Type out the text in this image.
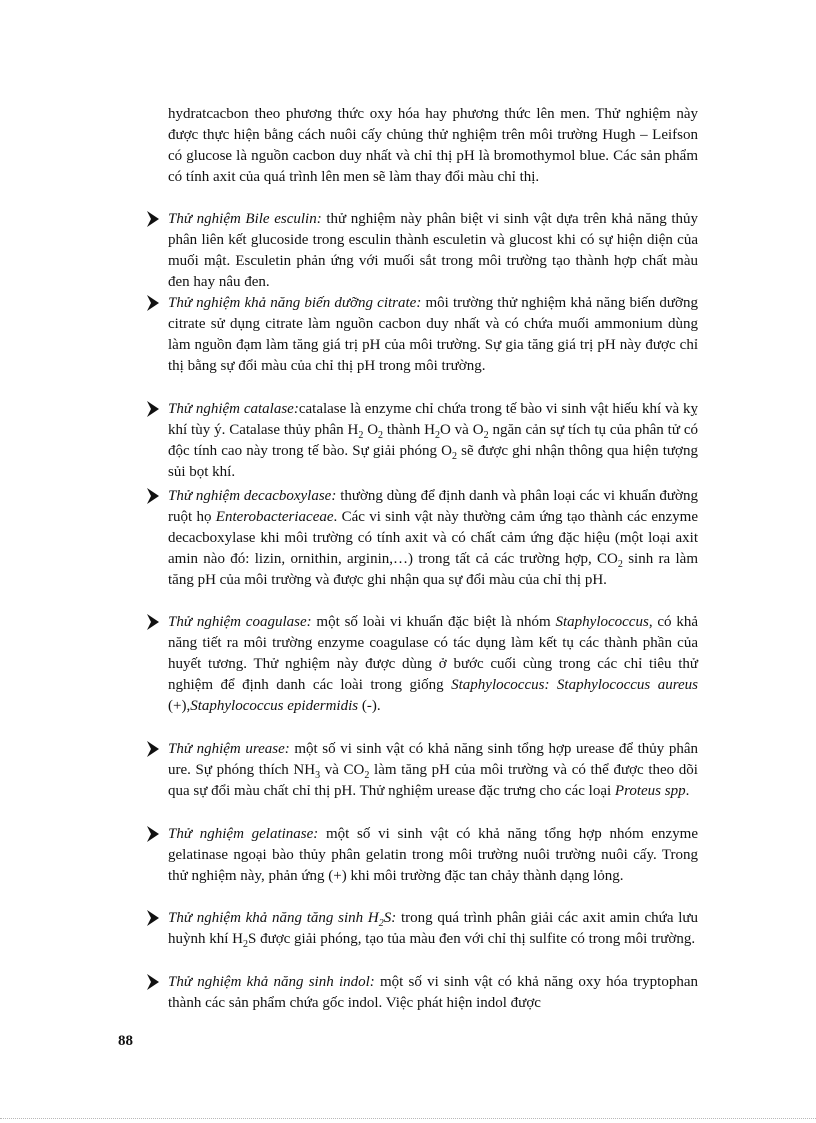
hydratcacbon theo phương thức oxy hóa hay phương thức lên men. Thử nghiệm này được thực hiện bằng cách nuôi cấy chủng thử nghiệm trên môi trường Hugh – Leifson có glucose là nguồn cacbon duy nhất và chỉ thị pH là bromothymol blue. Các sản phẩm có tính axit của quá trình lên men sẽ làm thay đổi màu chỉ thị.

Thử nghiệm Bile esculin: thử nghiệm này phân biệt vi sinh vật dựa trên khả năng thủy phân liên kết glucoside trong esculin thành esculetin và glucost khi có sự hiện diện của muối mật. Esculetin phản ứng với muối sắt trong môi trường tạo thành hợp chất màu đen hay nâu đen.

Thử nghiệm khả năng biến dưỡng citrate: môi trường thử nghiệm khả năng biến dưỡng citrate sử dụng citrate làm nguồn cacbon duy nhất và có chứa muối ammonium dùng làm nguồn đạm làm tăng giá trị pH của môi trường. Sự gia tăng giá trị pH này được chỉ thị bằng sự đổi màu của chỉ thị pH trong môi trường.

Thử nghiệm catalase:catalase là enzyme chỉ chứa trong tế bào vi sinh vật hiếu khí và kỵ khí tùy ý. Catalase thủy phân $H_2$ $O_2$ thành $H_2O$ và $O_2$ ngăn cản sự tích tụ của phân tử có độc tính cao này trong tế bào. Sự giải phóng $O_2$ sẽ được ghi nhận thông qua hiện tượng sủi bọt khí.

Thử nghiệm decacboxylase: thường dùng để định danh và phân loại các vi khuẩn đường ruột họ Enterobacteriaceae. Các vi sinh vật này thường cảm ứng tạo thành các enzyme decacboxylase khi môi trường có tính axit và có chất cảm ứng đặc hiệu (một loại axit amin nào đó: lizin, ornithin, arginin,…) trong tất cả các trường hợp, $CO_2$ sinh ra làm tăng pH của môi trường và được ghi nhận qua sự đổi màu của chỉ thị pH.

Thử nghiệm coagulase: một số loài vi khuẩn đặc biệt là nhóm Staphylococcus, có khả năng tiết ra môi trường enzyme coagulase có tác dụng làm kết tụ các thành phần của huyết tương. Thử nghiệm này được dùng ở bước cuối cùng trong các chỉ tiêu thử nghiệm để định danh các loài trong giống Staphylococcus: Staphylococcus aureus (+),Staphylococcus epidermidis (-).

Thử nghiệm urease: một số vi sinh vật có khả năng sinh tổng hợp urease để thủy phân ure. Sự phóng thích $NH_3$ và $CO_2$ làm tăng pH của môi trường và có thể được theo dõi qua sự đổi màu chất chỉ thị pH. Thử nghiệm urease đặc trưng cho các loại Proteus spp.

Thử nghiệm gelatinase: một số vi sinh vật có khả năng tổng hợp nhóm enzyme gelatinase ngoại bào thủy phân gelatin trong môi trường nuôi trường nuôi cấy. Trong thử nghiệm này, phản ứng (+) khi môi trường đặc tan chảy thành dạng lỏng.

Thử nghiệm khả năng tăng $\sinh H_2S$: trong quá trình phân giải các axit amin chứa lưu huỳnh khí $H_2S$ được giải phóng, tạo tủa màu đen với chỉ thị sulfite có trong môi trường.

Thử nghiệm khả năng sinh indol: một số vi sinh vật có khả năng oxy hóa tryptophan thành các sản phẩm chứa gốc indol. Việc phát hiện indol được

88
